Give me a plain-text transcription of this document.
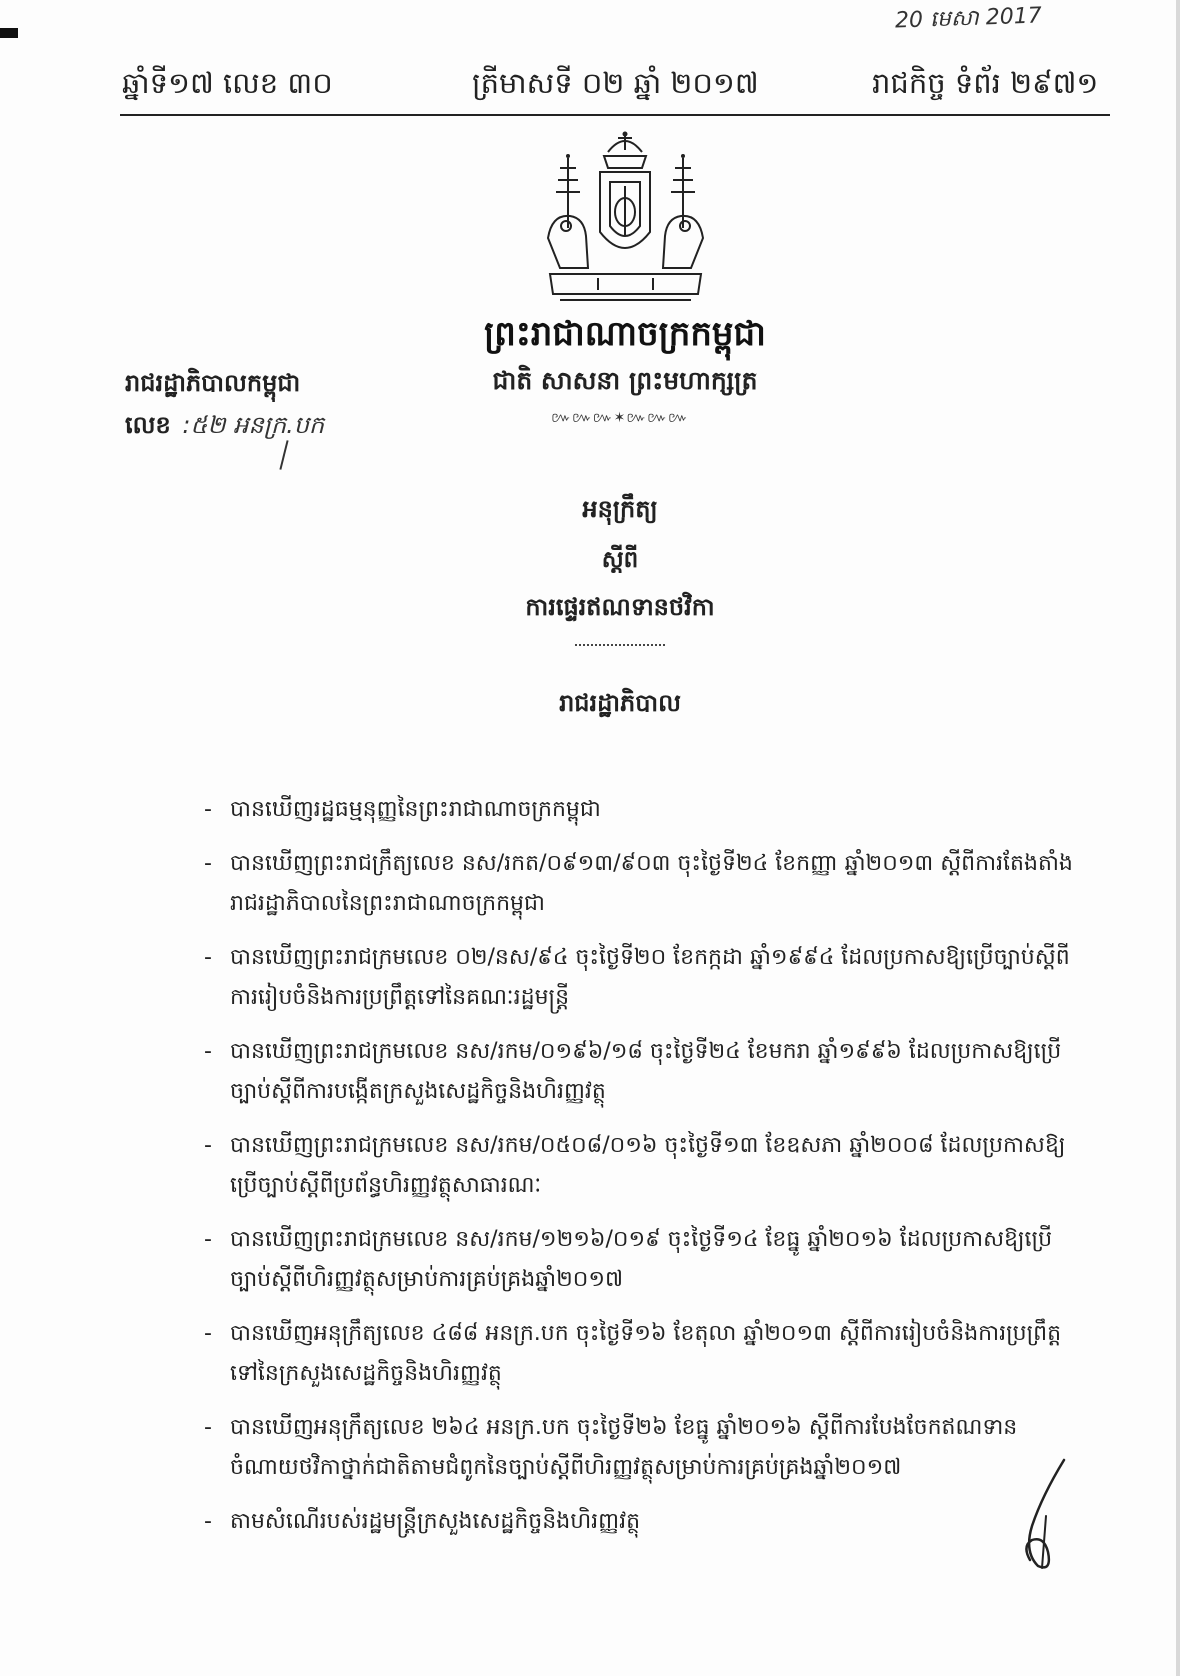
20 មេសា 2017
ឆ្នាំទី១៧ លេខ ៣០	ត្រីមាសទី ០២ ឆ្នាំ ២០១៧	រាជកិច្ច ទំព័រ ២៩៧១
ព្រះរាជាណាចក្រកម្ពុជា
ជាតិ សាសនា ព្រះមហាក្សត្រ
៚៚៚✶៚៚៚
រាជរដ្ឋាភិបាលកម្ពុជា
លេខ :៥២ អនក្រ.បក
អនុក្រឹត្យ
ស្តីពី
ការផ្ទេរឥណទានថវិកា
រាជរដ្ឋាភិបាល
- បានឃើញរដ្ឋធម្មនុញ្ញនៃព្រះរាជាណាចក្រកម្ពុជា
- បានឃើញព្រះរាជក្រឹត្យលេខ នស/រកត/០៩១៣/៩០៣ ចុះថ្ងៃទី២៤ ខែកញ្ញា ឆ្នាំ២០១៣ ស្តីពីការតែងតាំងរាជរដ្ឋាភិបាលនៃព្រះរាជាណាចក្រកម្ពុជា
- បានឃើញព្រះរាជក្រមលេខ ០២/នស/៩៤ ចុះថ្ងៃទី២០ ខែកក្កដា ឆ្នាំ១៩៩៤ ដែលប្រកាសឱ្យប្រើច្បាប់ស្តីពីការរៀបចំនិងការប្រព្រឹត្តទៅនៃគណៈរដ្ឋមន្ត្រី
- បានឃើញព្រះរាជក្រមលេខ នស/រកម/០១៩៦/១៨ ចុះថ្ងៃទី២៤ ខែមករា ឆ្នាំ១៩៩៦ ដែលប្រកាសឱ្យប្រើច្បាប់ស្តីពីការបង្កើតក្រសួងសេដ្ឋកិច្ចនិងហិរញ្ញវត្ថុ
- បានឃើញព្រះរាជក្រមលេខ នស/រកម/០៥០៨/០១៦ ចុះថ្ងៃទី១៣ ខែឧសភា ឆ្នាំ២០០៨ ដែលប្រកាសឱ្យប្រើច្បាប់ស្តីពីប្រព័ន្ធហិរញ្ញវត្ថុសាធារណៈ
- បានឃើញព្រះរាជក្រមលេខ នស/រកម/១២១៦/០១៩ ចុះថ្ងៃទី១៤ ខែធ្នូ ឆ្នាំ២០១៦ ដែលប្រកាសឱ្យប្រើច្បាប់ស្តីពីហិរញ្ញវត្ថុសម្រាប់ការគ្រប់គ្រងឆ្នាំ២០១៧
- បានឃើញអនុក្រឹត្យលេខ ៤៨៨ អនក្រ.បក ចុះថ្ងៃទី១៦ ខែតុលា ឆ្នាំ២០១៣ ស្តីពីការរៀបចំនិងការប្រព្រឹត្តទៅនៃក្រសួងសេដ្ឋកិច្ចនិងហិរញ្ញវត្ថុ
- បានឃើញអនុក្រឹត្យលេខ ២៦៤ អនក្រ.បក ចុះថ្ងៃទី២៦ ខែធ្នូ ឆ្នាំ២០១៦ ស្តីពីការបែងចែកឥណទានចំណាយថវិកាថ្នាក់ជាតិតាមជំពូកនៃច្បាប់ស្តីពីហិរញ្ញវត្ថុសម្រាប់ការគ្រប់គ្រងឆ្នាំ២០១៧
- តាមសំណើរបស់រដ្ឋមន្ត្រីក្រសួងសេដ្ឋកិច្ចនិងហិរញ្ញវត្ថុ
